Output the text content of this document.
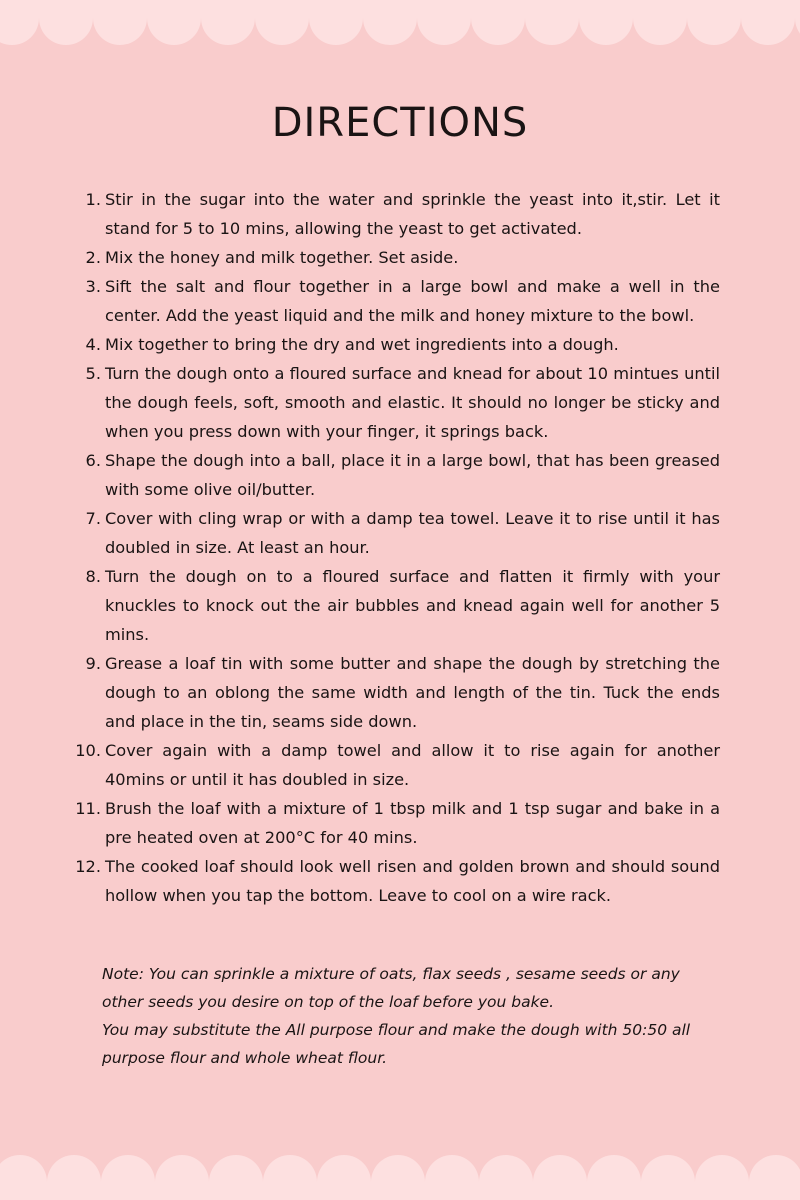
DIRECTIONS
1. Stir in the sugar into the water and sprinkle the yeast into it,stir. Let it stand for 5 to 10 mins, allowing the yeast to get activated.
2. Mix the honey and milk together. Set aside.
3. Sift the salt and flour together in a large bowl and make a well in the center. Add the yeast liquid and the milk and honey mixture to the bowl.
4. Mix together to bring the dry and wet ingredients into a dough.
5. Turn the dough onto a floured surface and knead for about 10 mintues until the dough feels, soft, smooth and elastic. It should no longer be sticky and when you press down with your finger, it springs back.
6. Shape the dough into a ball, place it in a large bowl, that has been greased with some olive oil/butter.
7. Cover with cling wrap or with a damp tea towel. Leave it to rise until it has doubled in size. At least an hour.
8. Turn the dough on to a floured surface and flatten it firmly with your knuckles to knock out the air bubbles and knead again well for another 5 mins.
9. Grease a loaf tin with some butter and shape the dough by stretching the dough to an oblong the same width and length of the tin. Tuck the ends and place in the tin, seams side down.
10. Cover again with a damp towel and allow it to rise again for another 40mins or until it has doubled in size.
11. Brush the loaf with a mixture of 1 tbsp milk and 1 tsp sugar and bake in a pre heated oven at 200°C for 40 mins.
12. The cooked loaf should look well risen and golden brown and should sound hollow when you tap the bottom. Leave to cool on a wire rack.

Note: You can sprinkle a mixture of oats, flax seeds , sesame seeds or any other seeds you desire on top of the loaf before you bake.

You may substitute the All purpose flour and make the dough with 50:50 all purpose flour and whole wheat flour.
